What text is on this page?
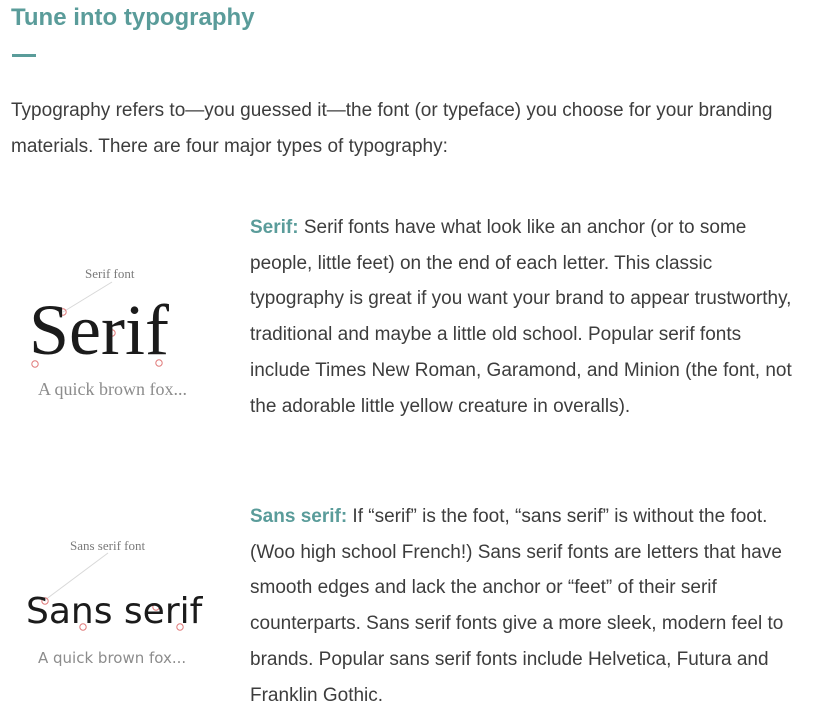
Tune into typography

Typography refers to—you guessed it—the font (or typeface) you choose for your branding materials. There are four major types of typography:

Serif font
Serif
A quick brown fox...

Serif: Serif fonts have what look like an anchor (or to some people, little feet) on the end of each letter. This classic typography is great if you want your brand to appear trustworthy, traditional and maybe a little old school. Popular serif fonts include Times New Roman, Garamond, and Minion (the font, not the adorable little yellow creature in overalls).

Sans serif font
Sans serif
A quick brown fox...

Sans serif: If “serif” is the foot, “sans serif” is without the foot. (Woo high school French!) Sans serif fonts are letters that have smooth edges and lack the anchor or “feet” of their serif counterparts. Sans serif fonts give a more sleek, modern feel to brands. Popular sans serif fonts include Helvetica, Futura and Franklin Gothic.
